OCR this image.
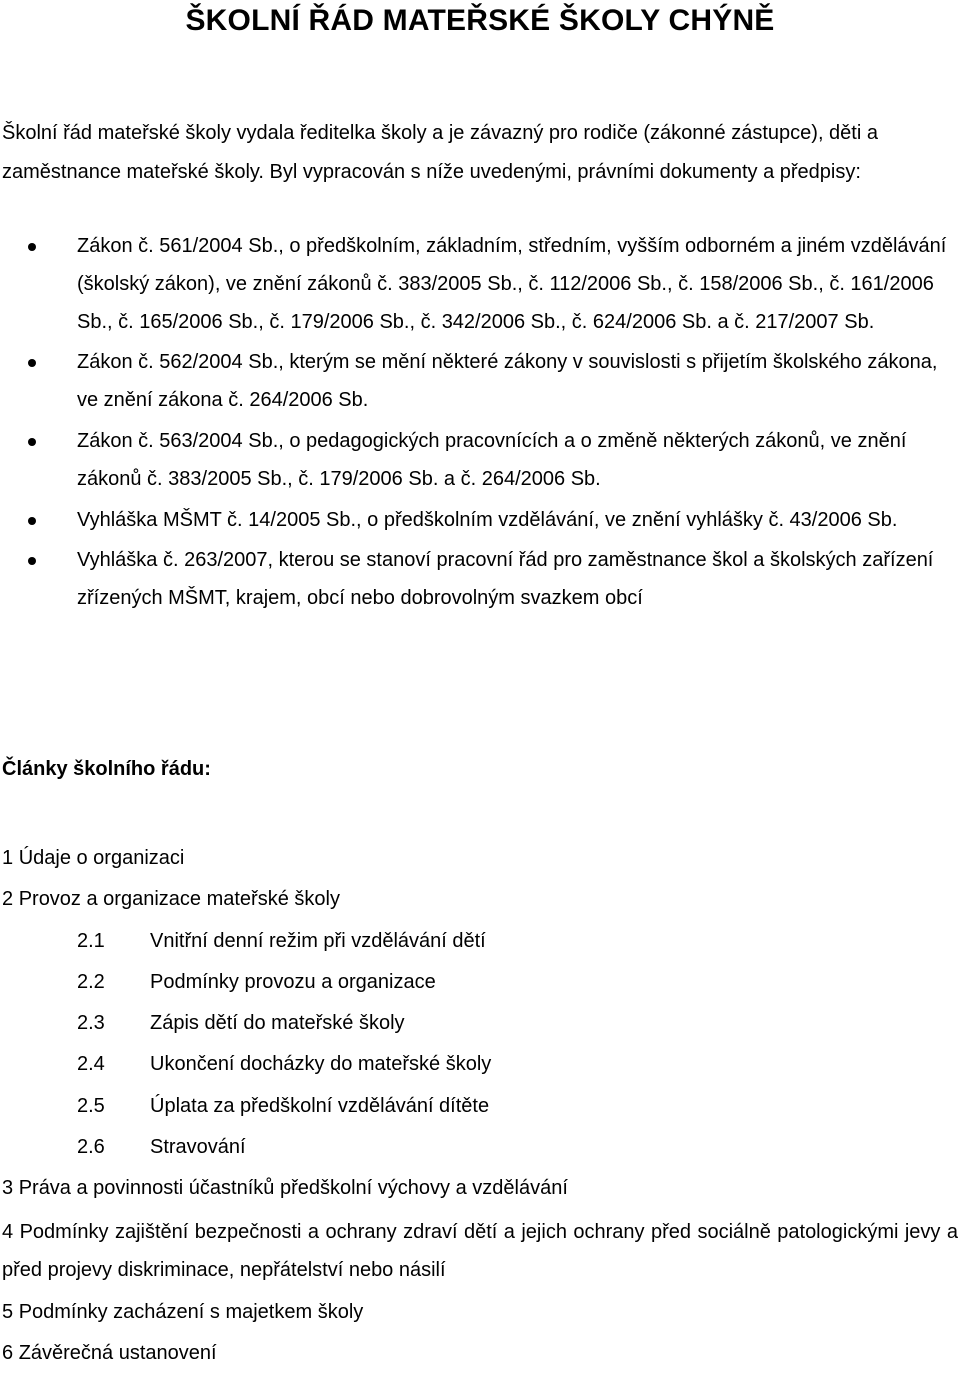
ŠKOLNÍ ŘÁD MATEŘSKÉ ŠKOLY CHÝNĚ

Školní řád mateřské školy vydala ředitelka školy a je závazný pro rodiče (zákonné zástupce), děti a zaměstnance mateřské školy. Byl vypracován s níže uvedenými, právními dokumenty a předpisy:

Zákon č. 561/2004 Sb., o předškolním, základním, středním, vyšším odborném a jiném vzdělávání (školský zákon), ve znění zákonů č. 383/2005 Sb., č. 112/2006 Sb., č. 158/2006 Sb., č. 161/2006 Sb., č. 165/2006 Sb., č. 179/2006 Sb., č. 342/2006 Sb., č. 624/2006 Sb. a č. 217/2007 Sb.
Zákon č. 562/2004 Sb., kterým se mění některé zákony v souvislosti s přijetím školského zákona, ve znění zákona č. 264/2006 Sb.
Zákon č. 563/2004 Sb., o pedagogických pracovnících a o změně některých zákonů, ve znění zákonů č. 383/2005 Sb., č. 179/2006 Sb. a č. 264/2006 Sb.
Vyhláška MŠMT č. 14/2005 Sb., o předškolním vzdělávání, ve znění vyhlášky č. 43/2006 Sb.
Vyhláška č. 263/2007, kterou se stanoví pracovní řád pro zaměstnance škol a školských zařízení zřízených MŠMT, krajem, obcí nebo dobrovolným svazkem obcí
Články školního řádu:
1 Údaje o organizaci
2 Provoz a organizace mateřské školy
2.1 Vnitřní denní režim při vzdělávání dětí
2.2 Podmínky provozu a organizace
2.3 Zápis dětí do mateřské školy
2.4 Ukončení docházky do mateřské školy
2.5 Úplata za předškolní vzdělávání dítěte
2.6 Stravování
3 Práva a povinnosti účastníků předškolní výchovy a vzdělávání
4 Podmínky zajištění bezpečnosti a ochrany zdraví dětí a jejich ochrany před sociálně patologickými jevy a před projevy diskriminace, nepřátelství nebo násilí
5 Podmínky zacházení s majetkem školy
6 Závěrečná ustanovení
